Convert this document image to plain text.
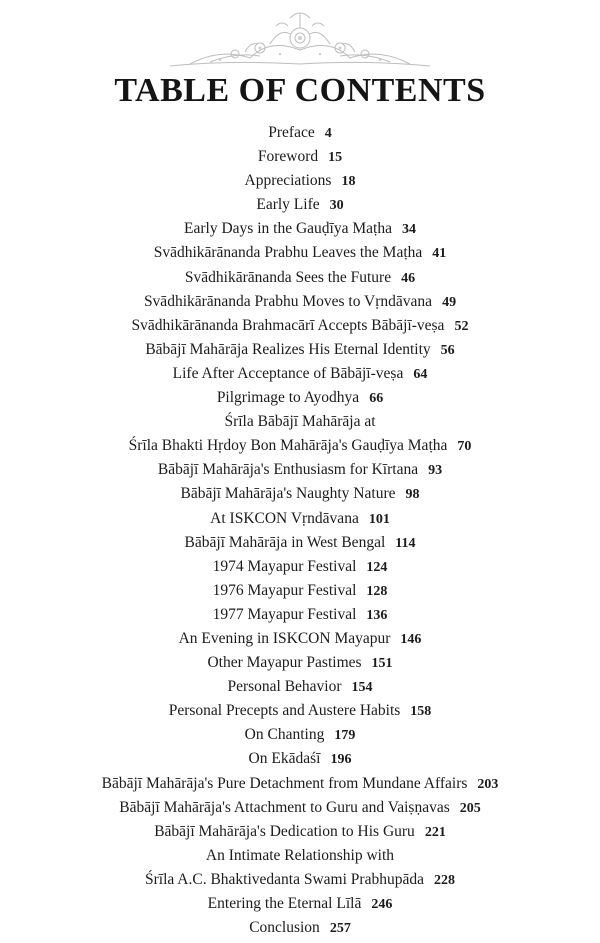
TABLE OF CONTENTS
Preface 4
Foreword 15
Appreciations 18
Early Life 30
Early Days in the Gauḍīya Maṭha 34
Svādhikārānanda Prabhu Leaves the Maṭha 41
Svādhikārānanda Sees the Future 46
Svādhikārānanda Prabhu Moves to Vṛndāvana 49
Svādhikārānanda Brahmacārī Accepts Bābājī-veṣa 52
Bābājī Mahārāja Realizes His Eternal Identity 56
Life After Acceptance of Bābājī-veṣa 64
Pilgrimage to Ayodhya 66
Śrīla Bābājī Mahārāja at
Śrīla Bhakti Hṛdoy Bon Mahārāja's Gauḍīya Maṭha 70
Bābājī Mahārāja's Enthusiasm for Kīrtana 93
Bābājī Mahārāja's Naughty Nature 98
At ISKCON Vṛndāvana 101
Bābājī Mahārāja in West Bengal 114
1974 Mayapur Festival 124
1976 Mayapur Festival 128
1977 Mayapur Festival 136
An Evening in ISKCON Mayapur 146
Other Mayapur Pastimes 151
Personal Behavior 154
Personal Precepts and Austere Habits 158
On Chanting 179
On Ekādaśī 196
Bābājī Mahārāja's Pure Detachment from Mundane Affairs 203
Bābājī Mahārāja's Attachment to Guru and Vaiṣṇavas 205
Bābājī Mahārāja's Dedication to His Guru 221
An Intimate Relationship with
Śrīla A.C. Bhaktivedanta Swami Prabhupāda 228
Entering the Eternal Līlā 246
Conclusion 257
